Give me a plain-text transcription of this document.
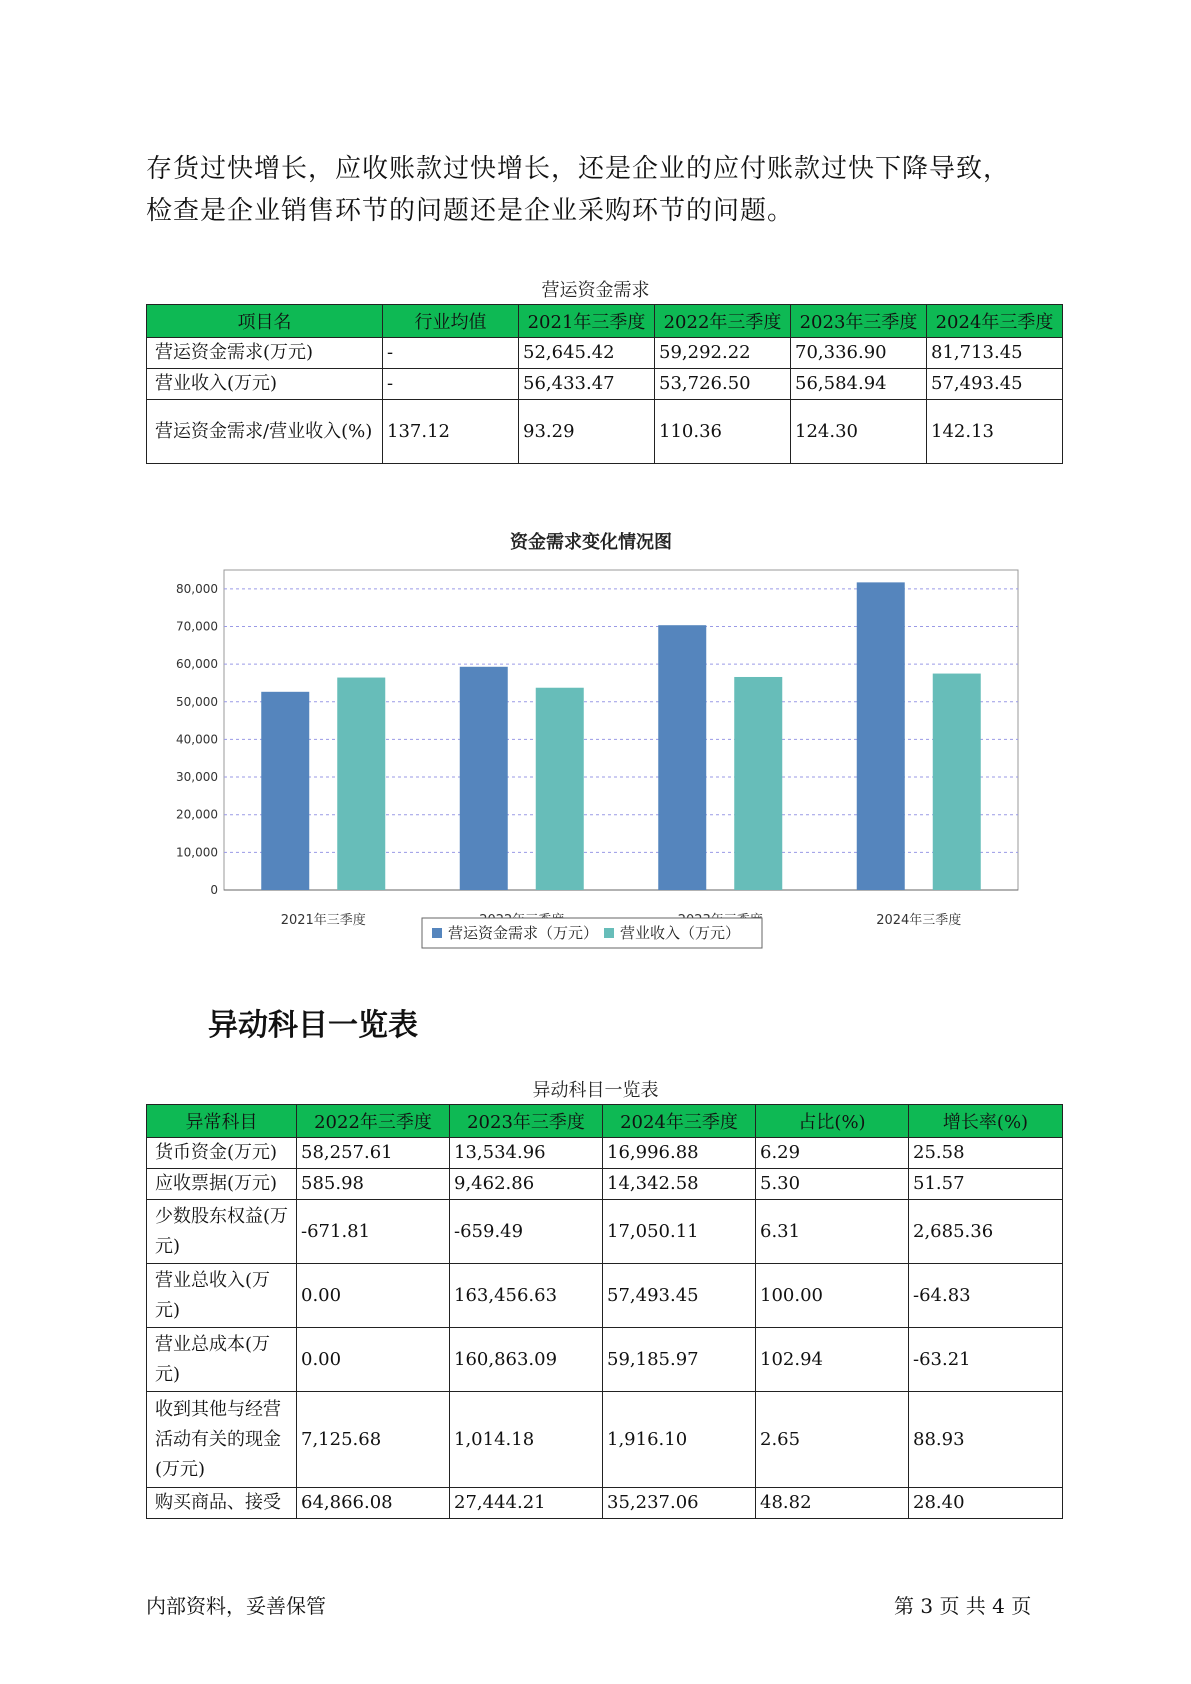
存货过快增长，应收账款过快增长，还是企业的应付账款过快下降导致，

检查是企业销售环节的问题还是企业采购环节的问题。

营运资金需求
项目名	行业均值	2021年三季度	2022年三季度	2023年三季度	2024年三季度
营运资金需求(万元)	-	52,645.42	59,292.22	70,336.90	81,713.45
营业收入(万元)	-	56,433.47	53,726.50	56,584.94	57,493.45
营运资金需求/营业收入(%)	137.12	93.29	110.36	124.30	142.13
资金需求变化情况图
0
10,000
20,000
30,000
40,000
50,000
60,000
70,000
80,000
2021年三季度	2024年三季度
营运资金需求（万元） 营业收入（万元）
异动科目一览表
异动科目一览表
异常科目	2022年三季度	2023年三季度	2024年三季度	占比(%)	增长率(%)
货币资金(万元)	58,257.61	13,534.96	16,996.88	6.29	25.58
应收票据(万元)	585.98	9,462.86	14,342.58	5.30	51.57
少数股东权益(万元)	-671.81	-659.49	17,050.11	6.31	2,685.36
营业总收入(万元)	0.00	163,456.63	57,493.45	100.00	-64.83
营业总成本(万元)	0.00	160,863.09	59,185.97	102.94	-63.21
收到其他与经营活动有关的现金(万元)	7,125.68	1,014.18	1,916.10	2.65	88.93
购买商品、接受	64,866.08	27,444.21	35,237.06	48.82	28.40
内部资料，妥善保管	第 3 页 共 4 页
